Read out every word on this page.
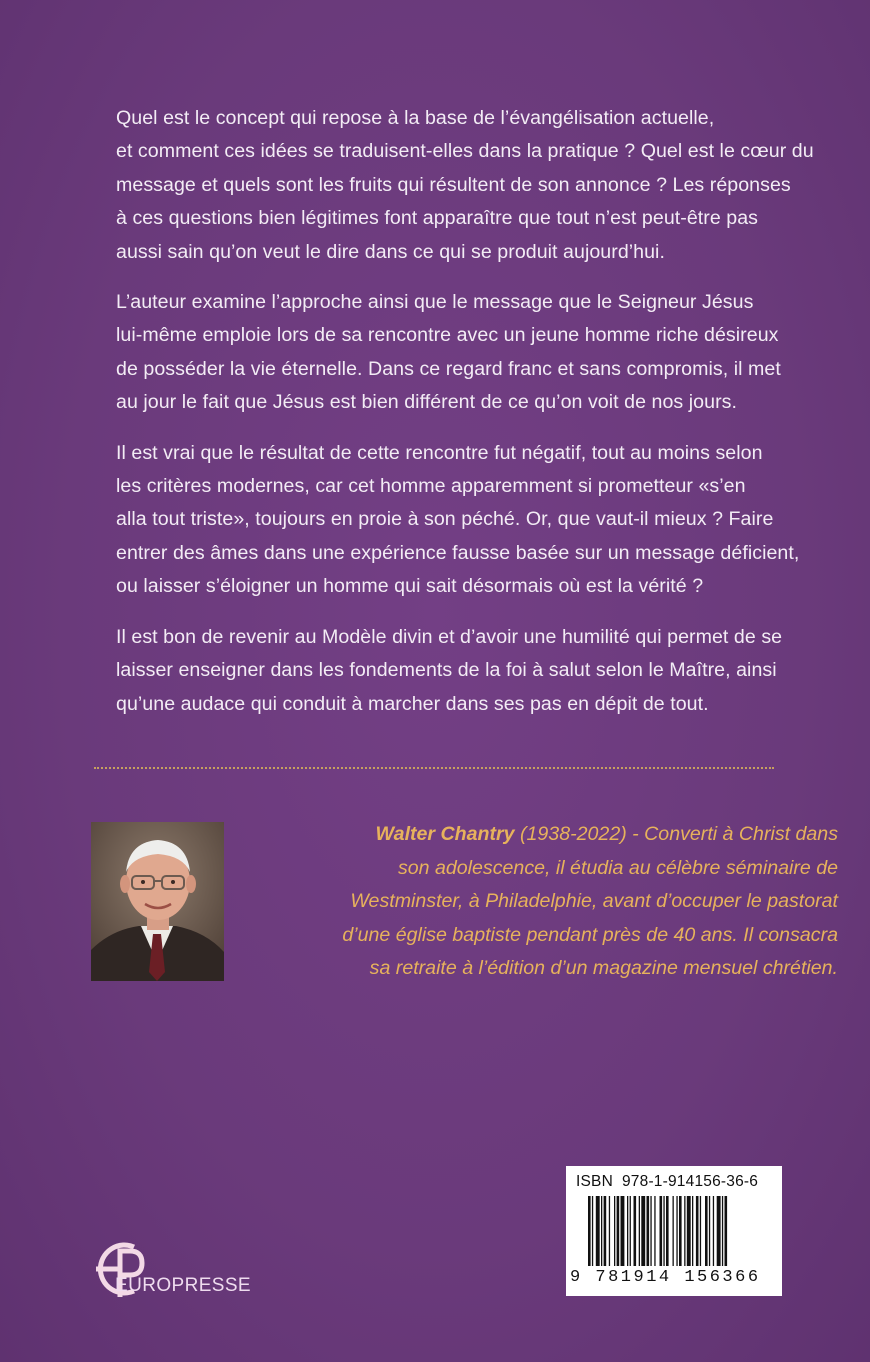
Quel est le concept qui repose à la base de l’évangélisation actuelle,
et comment ces idées se traduisent-elles dans la pratique ? Quel est le cœur du
message et quels sont les fruits qui résultent de son annonce ? Les réponses
à ces questions bien légitimes font apparaître que tout n’est peut-être pas
aussi sain qu’on veut le dire dans ce qui se produit aujourd’hui.

L’auteur examine l’approche ainsi que le message que le Seigneur Jésus
lui-même emploie lors de sa rencontre avec un jeune homme riche désireux
de posséder la vie éternelle. Dans ce regard franc et sans compromis, il met
au jour le fait que Jésus est bien différent de ce qu’on voit de nos jours.

Il est vrai que le résultat de cette rencontre fut négatif, tout au moins selon
les critères modernes, car cet homme apparemment si prometteur «s’en
alla tout triste», toujours en proie à son péché. Or, que vaut-il mieux ? Faire
entrer des âmes dans une expérience fausse basée sur un message déficient,
ou laisser s’éloigner un homme qui sait désormais où est la vérité ?

Il est bon de revenir au Modèle divin et d’avoir une humilité qui permet de se
laisser enseigner dans les fondements de la foi à salut selon le Maître, ainsi
qu’une audace qui conduit à marcher dans ses pas en dépit de tout.

Walter Chantry (1938-2022) - Converti à Christ dans
son adolescence, il étudia au célèbre séminaire de
Westminster, à Philadelphie, avant d’occuper le pastorat
d’une église baptiste pendant près de 40 ans. Il consacra
sa retraite à l’édition d’un magazine mensuel chrétien.
ISBN 978-1-914156-36-6
9 781914 156366
EUROPRESSE
